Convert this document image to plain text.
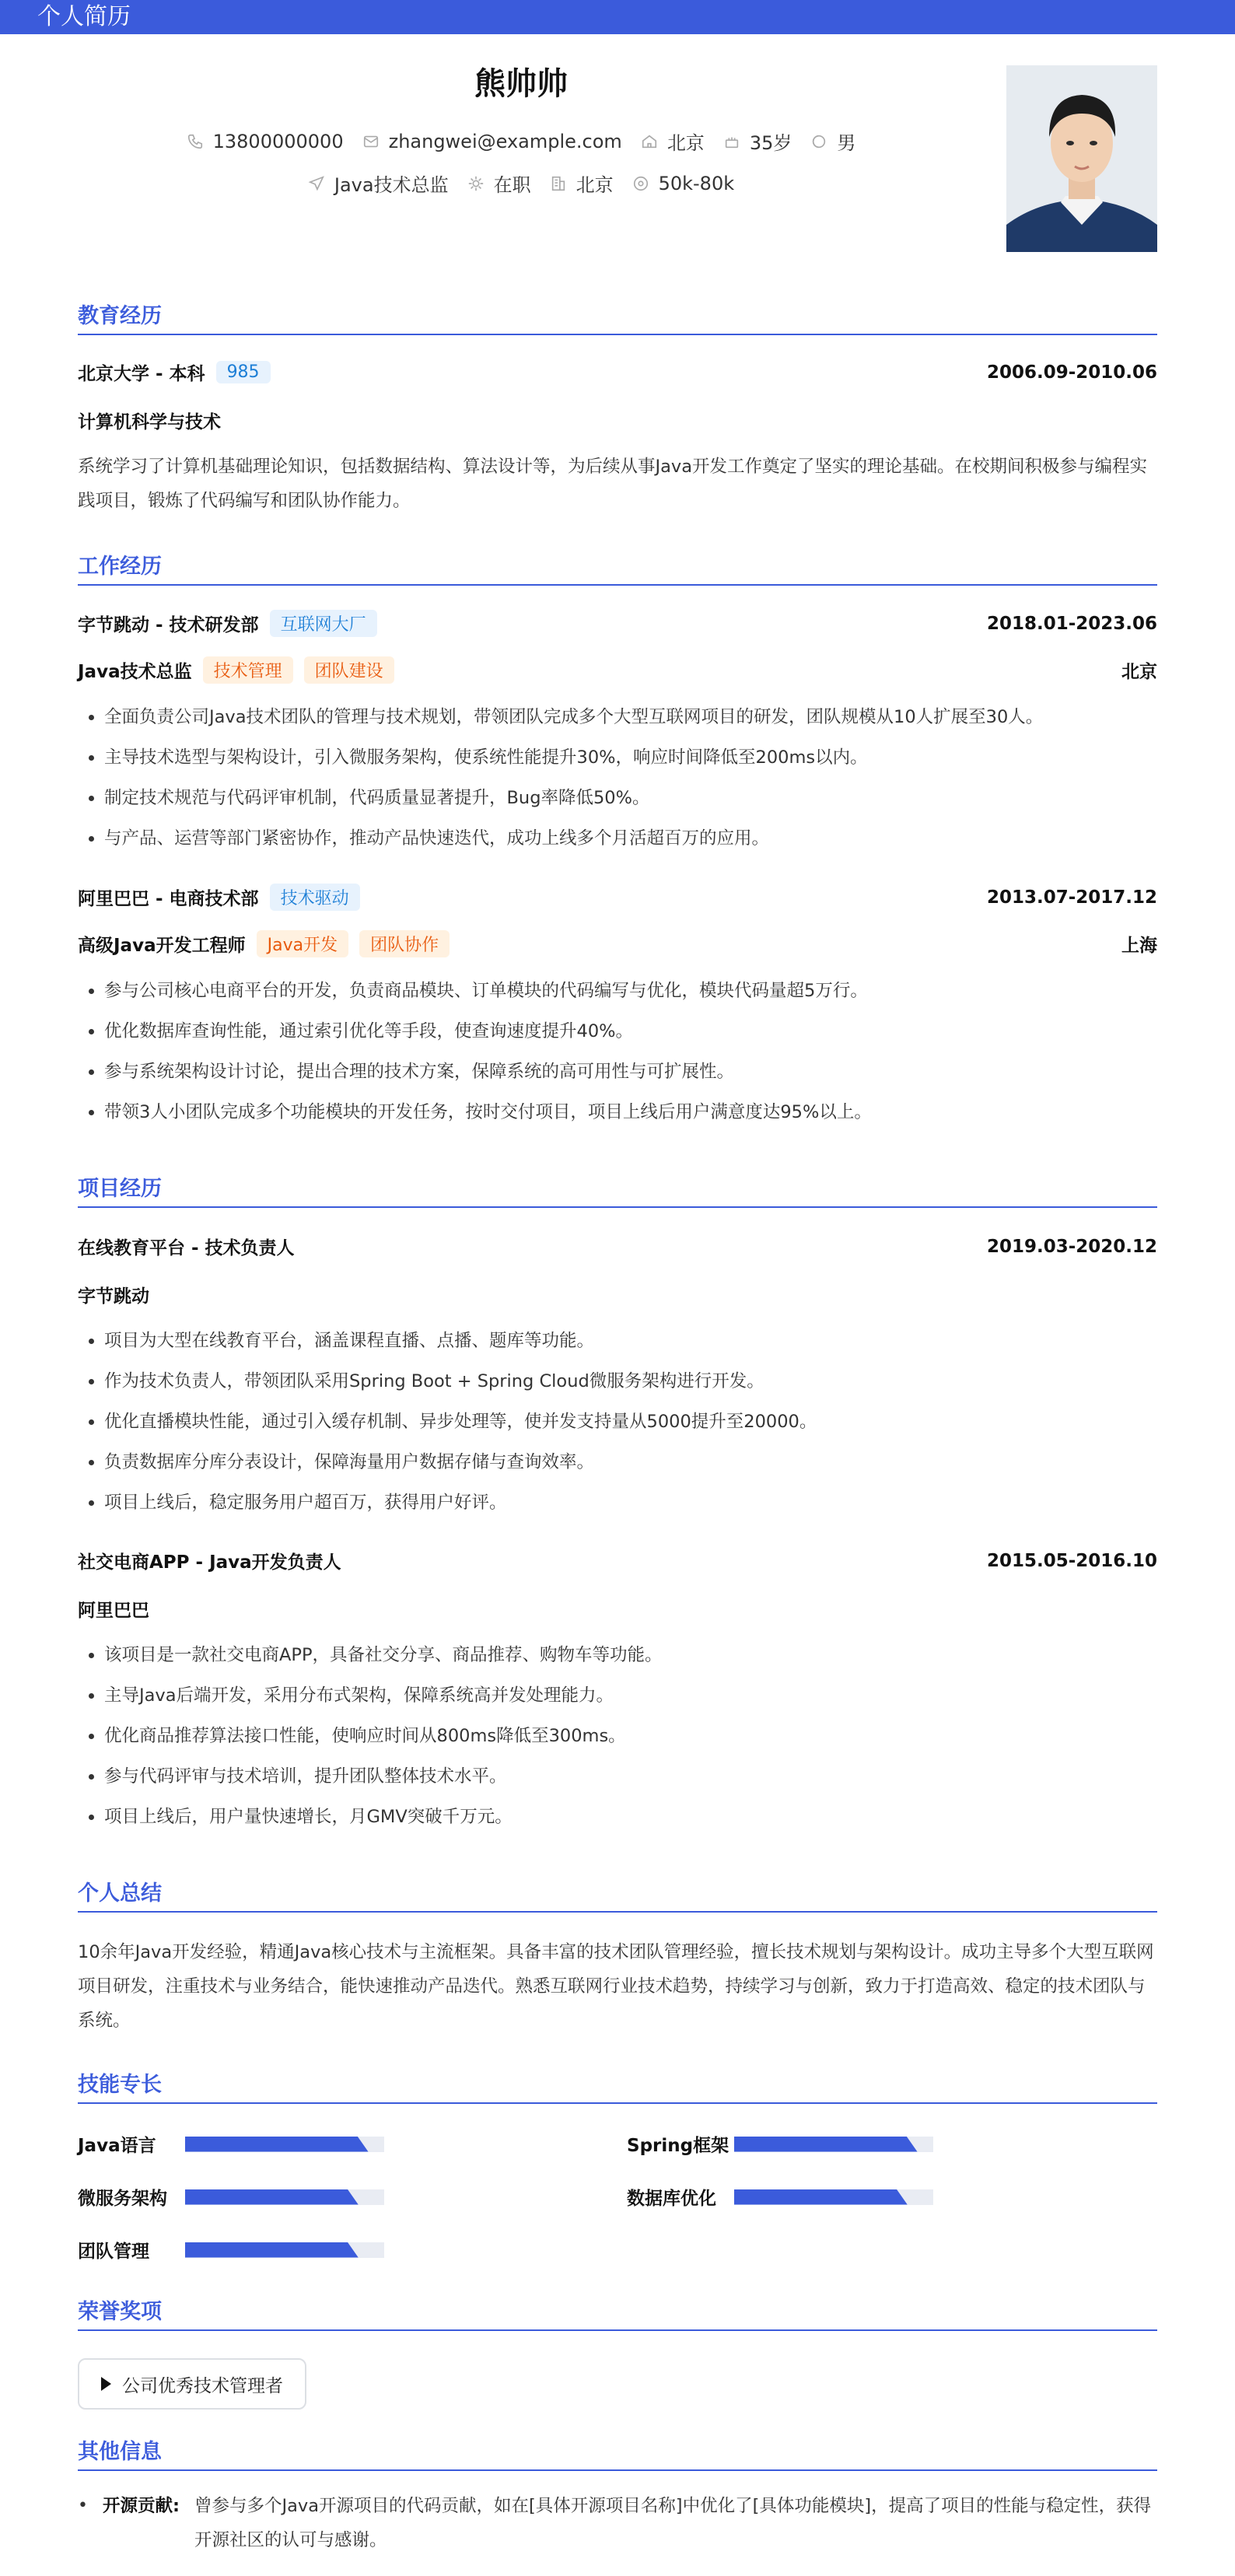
个人简历
熊帅帅
13800000000 zhangwei@example.com 北京 35岁 男
Java技术总监 在职 北京 50k-80k
教育经历
北京大学 - 本科	985	2006.09-2010.06
计算机科学与技术
系统学习了计算机基础理论知识，包括数据结构、算法设计等，为后续从事Java开发工作奠定了坚实的理论基础。在校期间积极参与编程实践项目，锻炼了代码编写和团队协作能力。
工作经历
字节跳动 - 技术研发部	互联网大厂	2018.01-2023.06
Java技术总监	技术管理	团队建设	北京
• 全面负责公司Java技术团队的管理与技术规划，带领团队完成多个大型互联网项目的研发，团队规模从10人扩展至30人。
• 主导技术选型与架构设计，引入微服务架构，使系统性能提升30%，响应时间降低至200ms以内。
• 制定技术规范与代码评审机制，代码质量显著提升，Bug率降低50%。
• 与产品、运营等部门紧密协作，推动产品快速迭代，成功上线多个月活超百万的应用。
阿里巴巴 - 电商技术部	技术驱动	2013.07-2017.12
高级Java开发工程师	Java开发	团队协作	上海
• 参与公司核心电商平台的开发，负责商品模块、订单模块的代码编写与优化，模块代码量超5万行。
• 优化数据库查询性能，通过索引优化等手段，使查询速度提升40%。
• 参与系统架构设计讨论，提出合理的技术方案，保障系统的高可用性与可扩展性。
• 带领3人小团队完成多个功能模块的开发任务，按时交付项目，项目上线后用户满意度达95%以上。
项目经历
在线教育平台 - 技术负责人	2019.03-2020.12
字节跳动
• 项目为大型在线教育平台，涵盖课程直播、点播、题库等功能。
• 作为技术负责人，带领团队采用Spring Boot + Spring Cloud微服务架构进行开发。
• 优化直播模块性能，通过引入缓存机制、异步处理等，使并发支持量从5000提升至20000。
• 负责数据库分库分表设计，保障海量用户数据存储与查询效率。
• 项目上线后，稳定服务用户超百万，获得用户好评。
社交电商APP - Java开发负责人	2015.05-2016.10
阿里巴巴
• 该项目是一款社交电商APP，具备社交分享、商品推荐、购物车等功能。
• 主导Java后端开发，采用分布式架构，保障系统高并发处理能力。
• 优化商品推荐算法接口性能，使响应时间从800ms降低至300ms。
• 参与代码评审与技术培训，提升团队整体技术水平。
• 项目上线后，用户量快速增长，月GMV突破千万元。
个人总结
10余年Java开发经验，精通Java核心技术与主流框架。具备丰富的技术团队管理经验，擅长技术规划与架构设计。成功主导多个大型互联网项目研发，注重技术与业务结合，能快速推动产品迭代。熟悉互联网行业技术趋势，持续学习与创新，致力于打造高效、稳定的技术团队与系统。
技能专长
Java语言	Spring框架
微服务架构	数据库优化
团队管理
荣誉奖项
公司优秀技术管理者
其他信息
• 开源贡献: 曾参与多个Java开源项目的代码贡献，如在[具体开源项目名称]中优化了[具体功能模块]，提高了项目的性能与稳定性，获得开源社区的认可与感谢。
